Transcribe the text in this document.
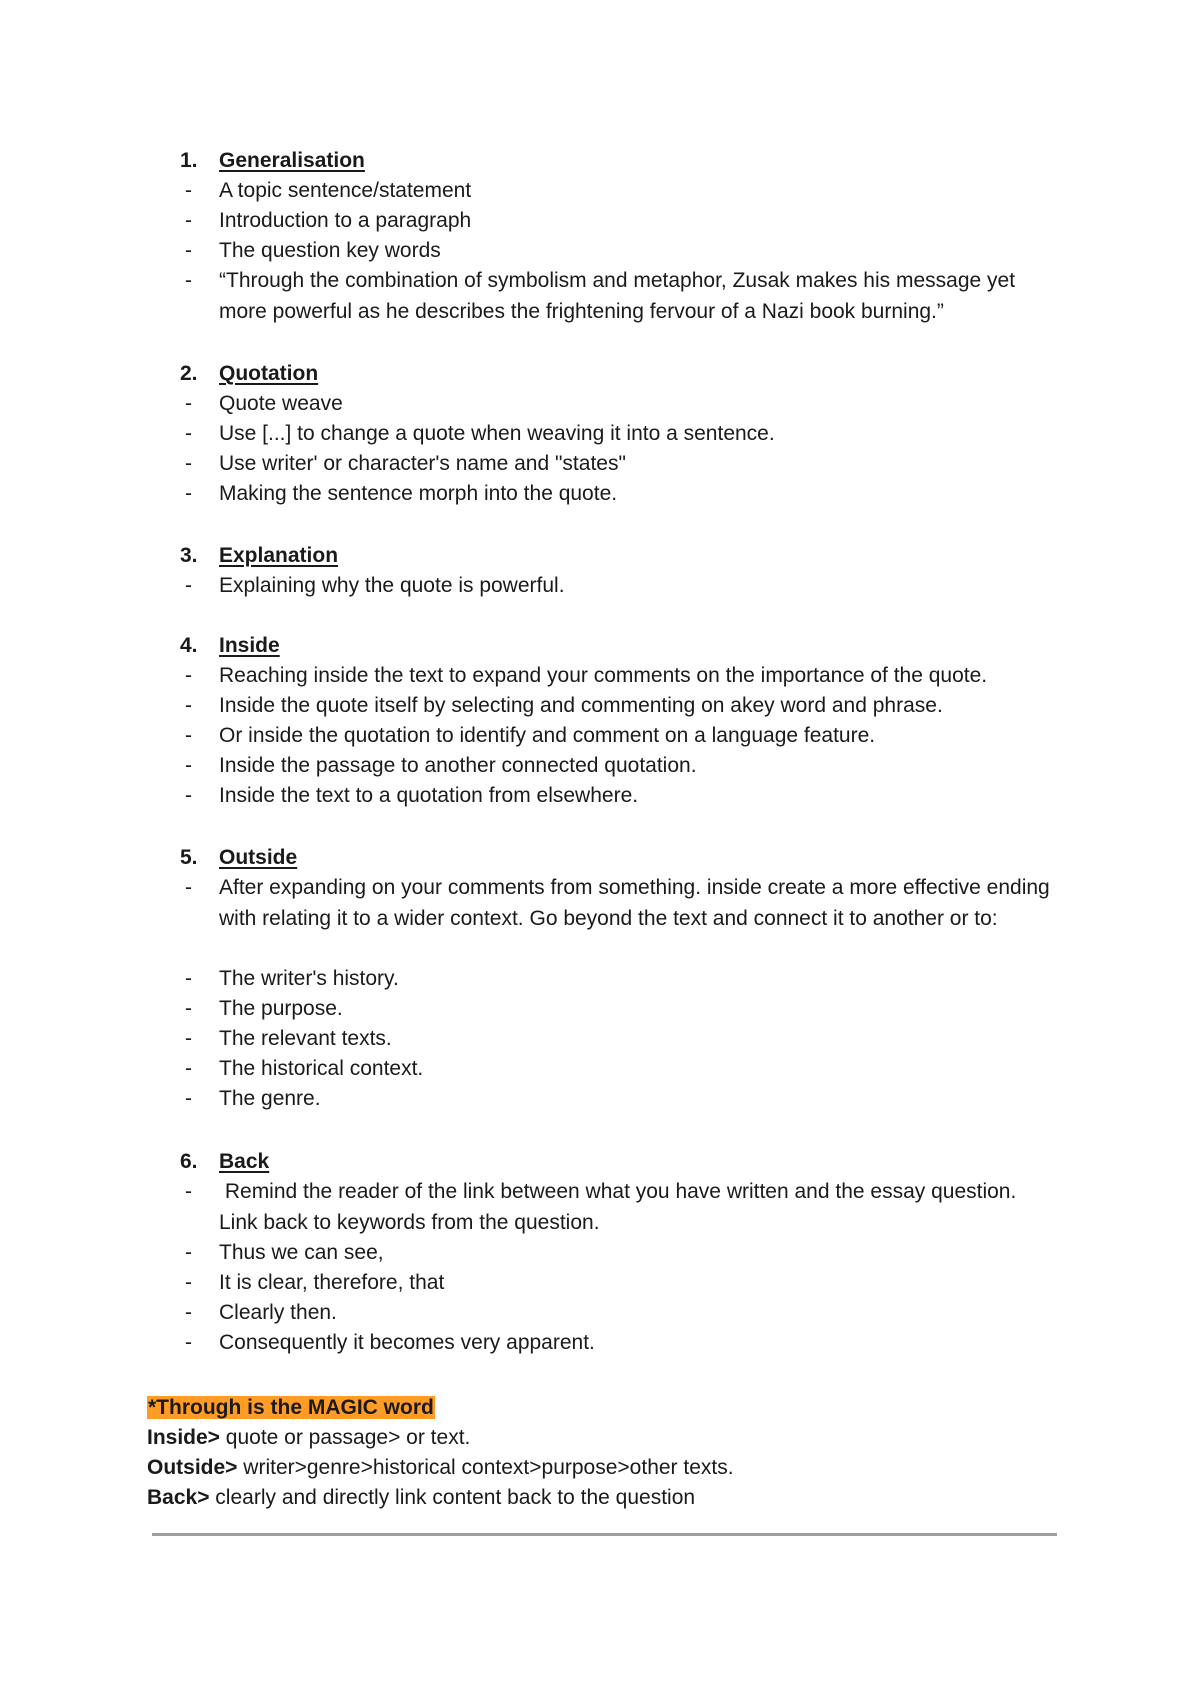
1. Generalisation
- A topic sentence/statement
- Introduction to a paragraph
- The question key words
- “Through the combination of symbolism and metaphor, Zusak makes his message yet more powerful as he describes the frightening fervour of a Nazi book burning.”
2. Quotation
- Quote weave
- Use [...] to change a quote when weaving it into a sentence.
- Use writer' or character's name and "states"
- Making the sentence morph into the quote.
3. Explanation
- Explaining why the quote is powerful.
4. Inside
- Reaching inside the text to expand your comments on the importance of the quote.
- Inside the quote itself by selecting and commenting on akey word and phrase.
- Or inside the quotation to identify and comment on a language feature.
- Inside the passage to another connected quotation.
- Inside the text to a quotation from elsewhere.
5. Outside
- After expanding on your comments from something. inside create a more effective ending with relating it to a wider context. Go beyond the text and connect it to another or to:
- The writer's history.
- The purpose.
- The relevant texts.
- The historical context.
- The genre.
6. Back
- Remind the reader of the link between what you have written and the essay question. Link back to keywords from the question.
- Thus we can see,
- It is clear, therefore, that
- Clearly then.
- Consequently it becomes very apparent.
*Through is the MAGIC word
Inside> quote or passage> or text.
Outside> writer>genre>historical context>purpose>other texts.
Back> clearly and directly link content back to the question
